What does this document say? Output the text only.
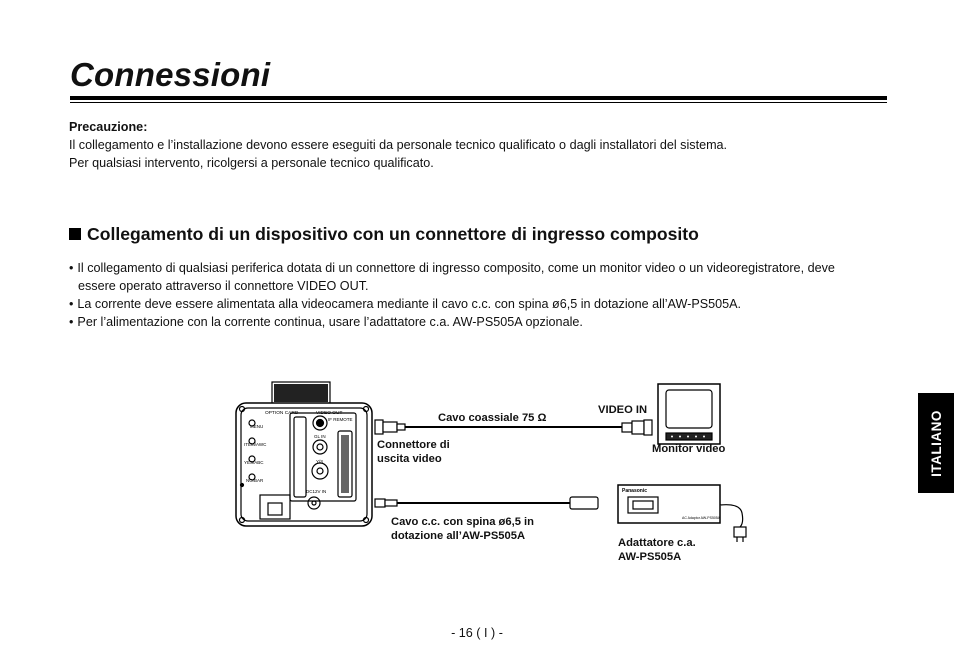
Connessioni
Precauzione:
Il collegamento e l’installazione devono essere eseguiti da personale tecnico qualificato o dagli installatori del sistema.
Per qualsiasi intervento, ricolgersi a personale tecnico qualificato.
Collegamento di un dispositivo con un connettore di ingresso composito
• Il collegamento di qualsiasi periferica dotata di un connettore di ingresso composito, come un monitor video o un videoregistratore, deve essere operato attraverso il connettore VIDEO OUT.
• La corrente deve essere alimentata alla videocamera mediante il cavo c.c. con spina ø6,5 in dotazione all’AW-PS505A.
• Per l’alimentazione con la corrente continua, usare l’adattatore c.a. AW-PS505A opzionale.
ITALIANO
Panasonic
AC Adaptor AW-PS505A
OPTION CARD	VIDEO OUT
IF REMOTE
GL IN
Y/S
DC12V IN
MENU
ITEM/AWC
YES/ABC
NO/BAR
Cavo coassiale 75 Ω
VIDEO IN
Connettore di
uscita video
Monitor video
Cavo c.c. con spina ø6,5 in
dotazione all’AW-PS505A
Adattatore c.a.
AW-PS505A
- 16 ( I ) -
